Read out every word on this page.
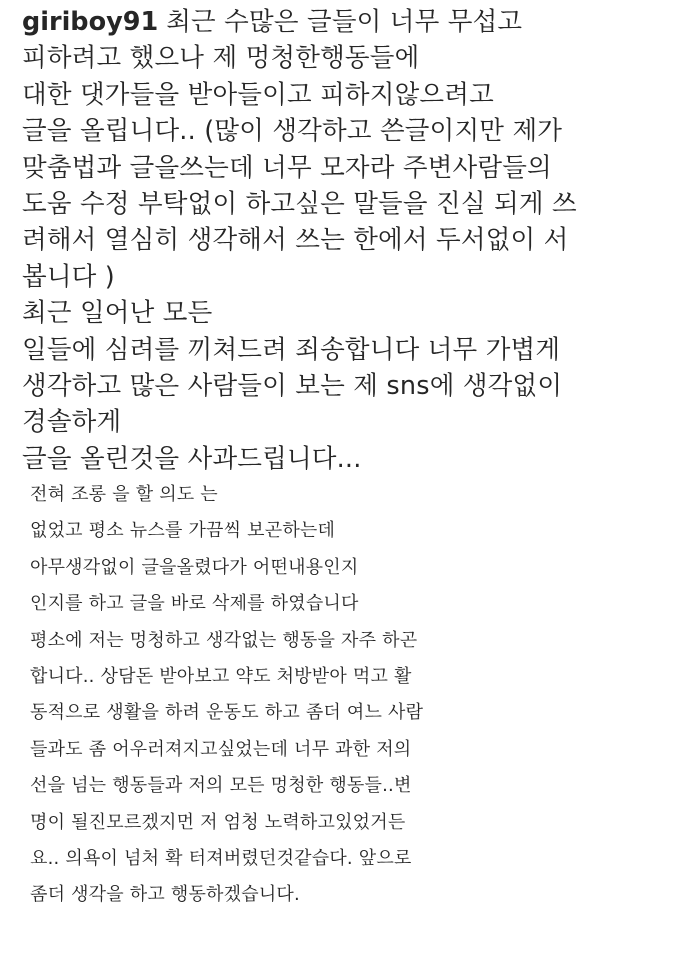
giriboy91 최근 수많은 글들이 너무 무섭고
피하려고 했으나 제 멍청한행동들에
대한 댓가들을 받아들이고 피하지않으려고
글을 올립니다.. (많이 생각하고 쓴글이지만 제가
맞춤법과 글을쓰는데 너무 모자라 주변사람들의
도움 수정 부탁없이 하고싶은 말들을 진실 되게 쓰
려해서 열심히 생각해서 쓰는 한에서 두서없이 서
봅니다 )
최근 일어난 모든
일들에 심려를 끼쳐드려 죄송합니다 너무 가볍게
생각하고 많은 사람들이 보는 제 sns에 생각없이
경솔하게
글을 올린것을 사과드립니다...
전혀 조롱 을 할 의도 는
없었고 평소 뉴스를 가끔씩 보곤하는데
아무생각없이 글을올렸다가 어떤내용인지
인지를 하고 글을 바로 삭제를 하였습니다
평소에 저는 멍청하고 생각없는 행동을 자주 하곤
합니다.. 상담돈 받아보고 약도 처방받아 먹고 활
동적으로 생활을 하려 운동도 하고 좀더 여느 사람
들과도 좀 어우러져지고싶었는데 너무 과한 저의
선을 넘는 행동들과 저의 모든 멍청한 행동들..변
명이 될진모르겠지먼 저 엄청 노력하고있었거든
요.. 의욕이 넘처 확 터져버렸던것같습다. 앞으로
좀더 생각을 하고 행동하겠습니다.
